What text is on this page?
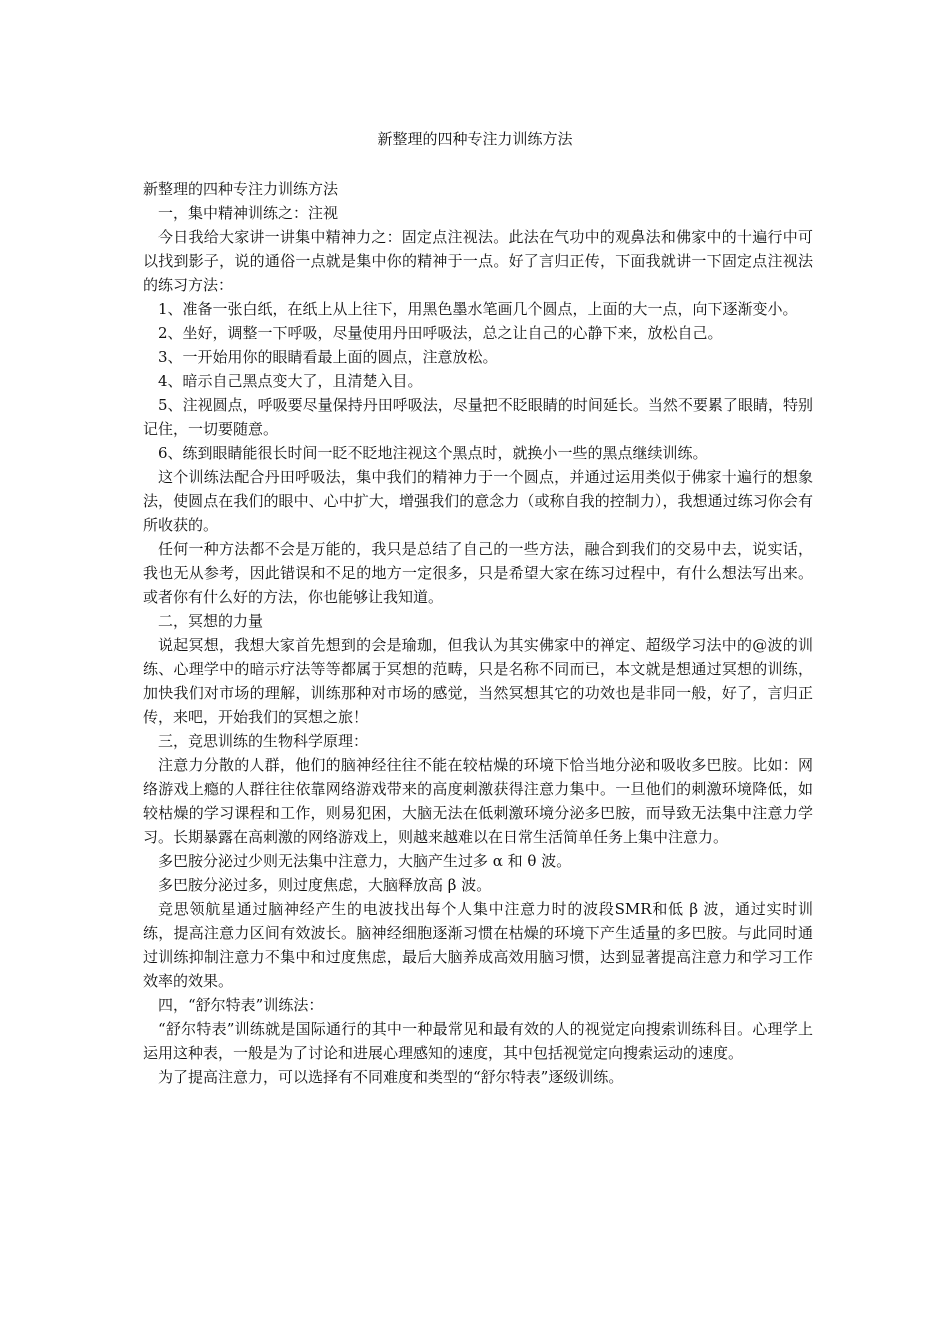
新整理的四种专注力训练方法

新整理的四种专注力训练方法

一，集中精神训练之：注视

今日我给大家讲一讲集中精神力之：固定点注视法。此法在气功中的观鼻法和佛家中的十遍行中可以找到影子，说的通俗一点就是集中你的精神于一点。好了言归正传，下面我就讲一下固定点注视法的练习方法：

1、准备一张白纸，在纸上从上往下，用黑色墨水笔画几个圆点，上面的大一点，向下逐渐变小。

2、坐好，调整一下呼吸，尽量使用丹田呼吸法，总之让自己的心静下来，放松自己。

3、一开始用你的眼睛看最上面的圆点，注意放松。

4、暗示自己黑点变大了，且清楚入目。

5、注视圆点，呼吸要尽量保持丹田呼吸法，尽量把不眨眼睛的时间延长。当然不要累了眼睛，特别记住，一切要随意。

6、练到眼睛能很长时间一眨不眨地注视这个黑点时，就换小一些的黑点继续训练。

这个训练法配合丹田呼吸法，集中我们的精神力于一个圆点，并通过运用类似于佛家十遍行的想象法，使圆点在我们的眼中、心中扩大，增强我们的意念力（或称自我的控制力），我想通过练习你会有所收获的。

任何一种方法都不会是万能的，我只是总结了自己的一些方法，融合到我们的交易中去，说实话，我也无从参考，因此错误和不足的地方一定很多，只是希望大家在练习过程中，有什么想法写出来。或者你有什么好的方法，你也能够让我知道。

二，冥想的力量

说起冥想，我想大家首先想到的会是瑜珈，但我认为其实佛家中的禅定、超级学习法中的@波的训练、心理学中的暗示疗法等等都属于冥想的范畴，只是名称不同而已，本文就是想通过冥想的训练，加快我们对市场的理解，训练那种对市场的感觉，当然冥想其它的功效也是非同一般，好了，言归正传，来吧，开始我们的冥想之旅！

三，竞思训练的生物科学原理：

注意力分散的人群，他们的脑神经往往不能在较枯燥的环境下恰当地分泌和吸收多巴胺。比如：网络游戏上瘾的人群往往依靠网络游戏带来的高度刺激获得注意力集中。一旦他们的刺激环境降低，如较枯燥的学习课程和工作，则易犯困，大脑无法在低刺激环境分泌多巴胺，而导致无法集中注意力学习。长期暴露在高刺激的网络游戏上，则越来越难以在日常生活简单任务上集中注意力。

多巴胺分泌过少则无法集中注意力，大脑产生过多 α 和 θ 波。

多巴胺分泌过多，则过度焦虑，大脑释放高 β 波。

竞思领航星通过脑神经产生的电波找出每个人集中注意力时的波段SMR和低 β 波，通过实时训练，提高注意力区间有效波长。脑神经细胞逐渐习惯在枯燥的环境下产生适量的多巴胺。与此同时通过训练抑制注意力不集中和过度焦虑，最后大脑养成高效用脑习惯，达到显著提高注意力和学习工作效率的效果。

四，“舒尔特表”训练法：

“舒尔特表”训练就是国际通行的其中一种最常见和最有效的人的视觉定向搜索训练科目。心理学上运用这种表，一般是为了讨论和进展心理感知的速度，其中包括视觉定向搜索运动的速度。

为了提高注意力，可以选择有不同难度和类型的“舒尔特表”逐级训练。
